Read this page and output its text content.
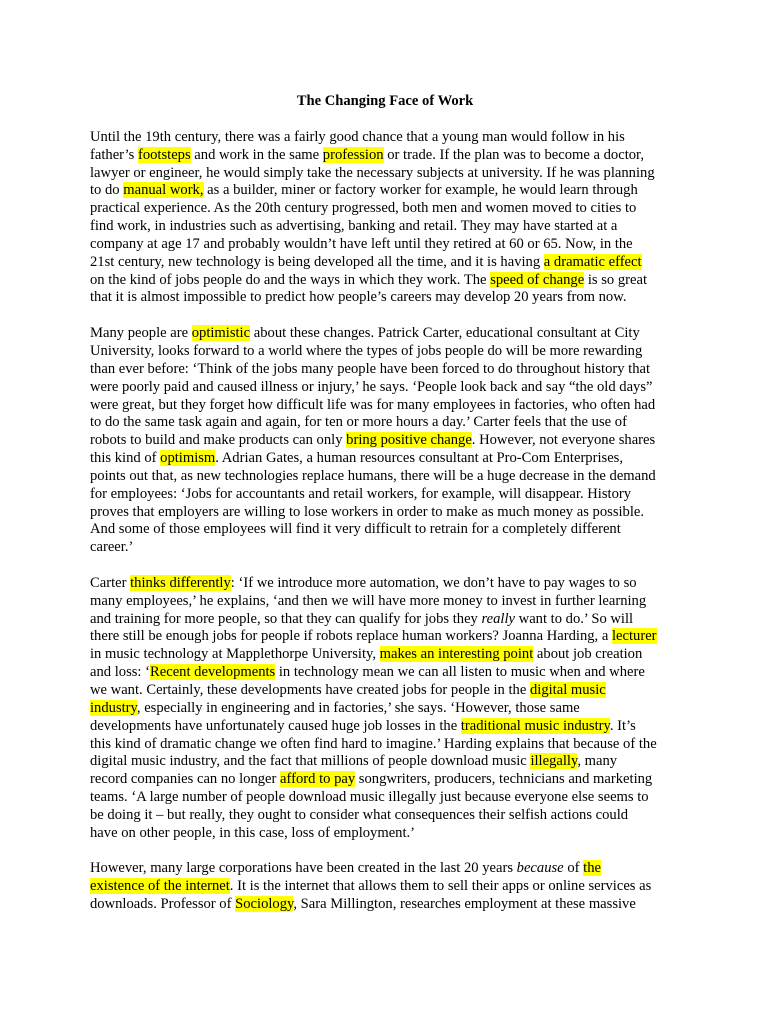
The Changing Face of Work
Until the 19th century, there was a fairly good chance that a young man would follow in his
father’s footsteps and work in the same profession or trade. If the plan was to become a doctor,
lawyer or engineer, he would simply take the necessary subjects at university. If he was planning
to do manual work, as a builder, miner or factory worker for example, he would learn through
practical experience. As the 20th century progressed, both men and women moved to cities to
find work, in industries such as advertising, banking and retail. They may have started at a
company at age 17 and probably wouldn’t have left until they retired at 60 or 65. Now, in the
21st century, new technology is being developed all the time, and it is having a dramatic effect
on the kind of jobs people do and the ways in which they work. The speed of change is so great
that it is almost impossible to predict how people’s careers may develop 20 years from now.
Many people are optimistic about these changes. Patrick Carter, educational consultant at City
University, looks forward to a world where the types of jobs people do will be more rewarding
than ever before: ‘Think of the jobs many people have been forced to do throughout history that
were poorly paid and caused illness or injury,’ he says. ‘People look back and say “the old days”
were great, but they forget how difficult life was for many employees in factories, who often had
to do the same task again and again, for ten or more hours a day.’ Carter feels that the use of
robots to build and make products can only bring positive change. However, not everyone shares
this kind of optimism. Adrian Gates, a human resources consultant at Pro-Com Enterprises,
points out that, as new technologies replace humans, there will be a huge decrease in the demand
for employees: ‘Jobs for accountants and retail workers, for example, will disappear. History
proves that employers are willing to lose workers in order to make as much money as possible.
And some of those employees will find it very difficult to retrain for a completely different
career.’
Carter thinks differently: ‘If we introduce more automation, we don’t have to pay wages to so
many employees,’ he explains, ‘and then we will have more money to invest in further learning
and training for more people, so that they can qualify for jobs they really want to do.’ So will
there still be enough jobs for people if robots replace human workers? Joanna Harding, a lecturer
in music technology at Mapplethorpe University, makes an interesting point about job creation
and loss: ‘Recent developments in technology mean we can all listen to music when and where
we want. Certainly, these developments have created jobs for people in the digital music
industry, especially in engineering and in factories,’ she says. ‘However, those same
developments have unfortunately caused huge job losses in the traditional music industry. It’s
this kind of dramatic change we often find hard to imagine.’ Harding explains that because of the
digital music industry, and the fact that millions of people download music illegally, many
record companies can no longer afford to pay songwriters, producers, technicians and marketing
teams. ‘A large number of people download music illegally just because everyone else seems to
be doing it – but really, they ought to consider what consequences their selfish actions could
have on other people, in this case, loss of employment.’
However, many large corporations have been created in the last 20 years because of the
existence of the internet. It is the internet that allows them to sell their apps or online services as
downloads. Professor of Sociology, Sara Millington, researches employment at these massive
